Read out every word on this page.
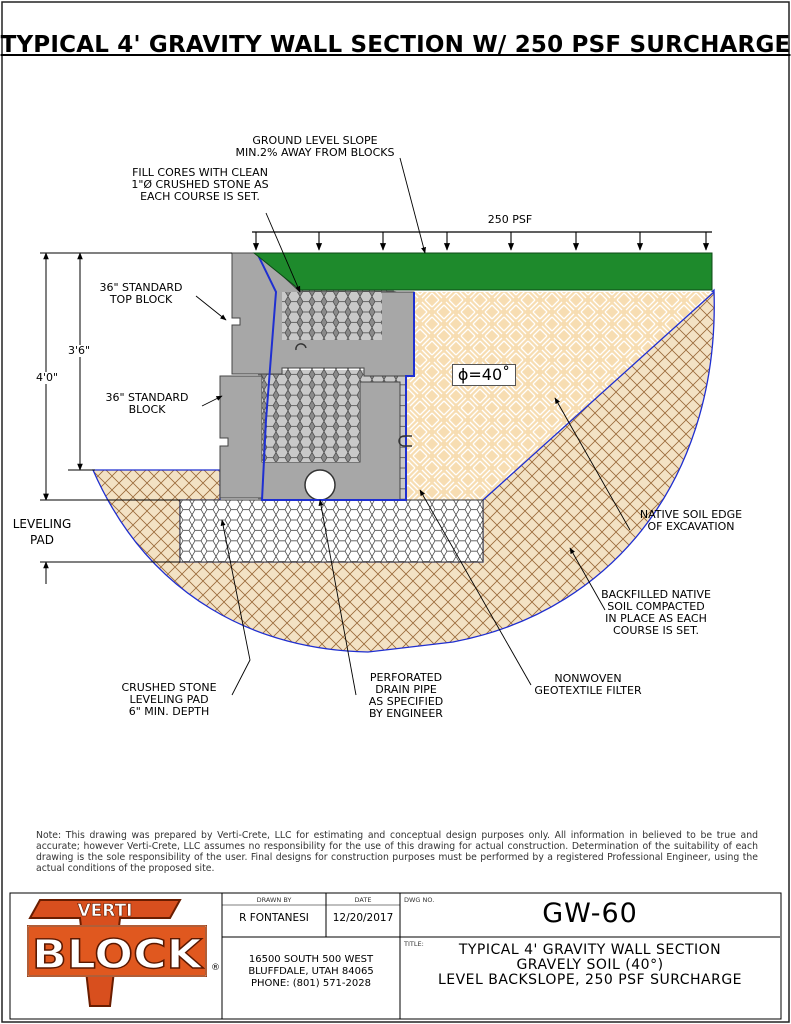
VERTI
BLOCK ®
TYPICAL 4' GRAVITY WALL SECTION W/ 250 PSF SURCHARGE
GROUND LEVEL SLOPE
MIN.2% AWAY FROM BLOCKS
FILL CORES WITH CLEAN
1"Ø CRUSHED STONE AS
EACH COURSE IS SET.
250 PSF
36" STANDARD
TOP BLOCK
36" STANDARD
BLOCK
3'6"
4'0"
LEVELING
PAD
ϕ=40˚
NATIVE SOIL EDGE
OF EXCAVATION
BACKFILLED NATIVE
SOIL COMPACTED
IN PLACE AS EACH
COURSE IS SET.
CRUSHED STONE
LEVELING PAD
6" MIN. DEPTH
PERFORATED
DRAIN PIPE
AS SPECIFIED
BY ENGINEER
NONWOVEN
GEOTEXTILE FILTER
Note: This drawing was prepared by Verti-Crete, LLC for estimating and conceptual design purposes only. All information in believed to be true and accurate; however Verti-Crete, LLC assumes no responsibility for the use of this drawing for actual construction. Determination of the suitability of each drawing is the sole responsibility of the user. Final designs for construction purposes must be performed by a registered Professional Engineer, using the actual conditions of the proposed site.
DRAWN BY
R FONTANESI
DATE
12/20/2017
DWG NO.	GW-60
TITLE:	TYPICAL 4' GRAVITY WALL SECTION
GRAVELY SOIL (40°)
LEVEL BACKSLOPE, 250 PSF SURCHARGE
16500 SOUTH 500 WEST
BLUFFDALE, UTAH 84065
PHONE: (801) 571-2028
